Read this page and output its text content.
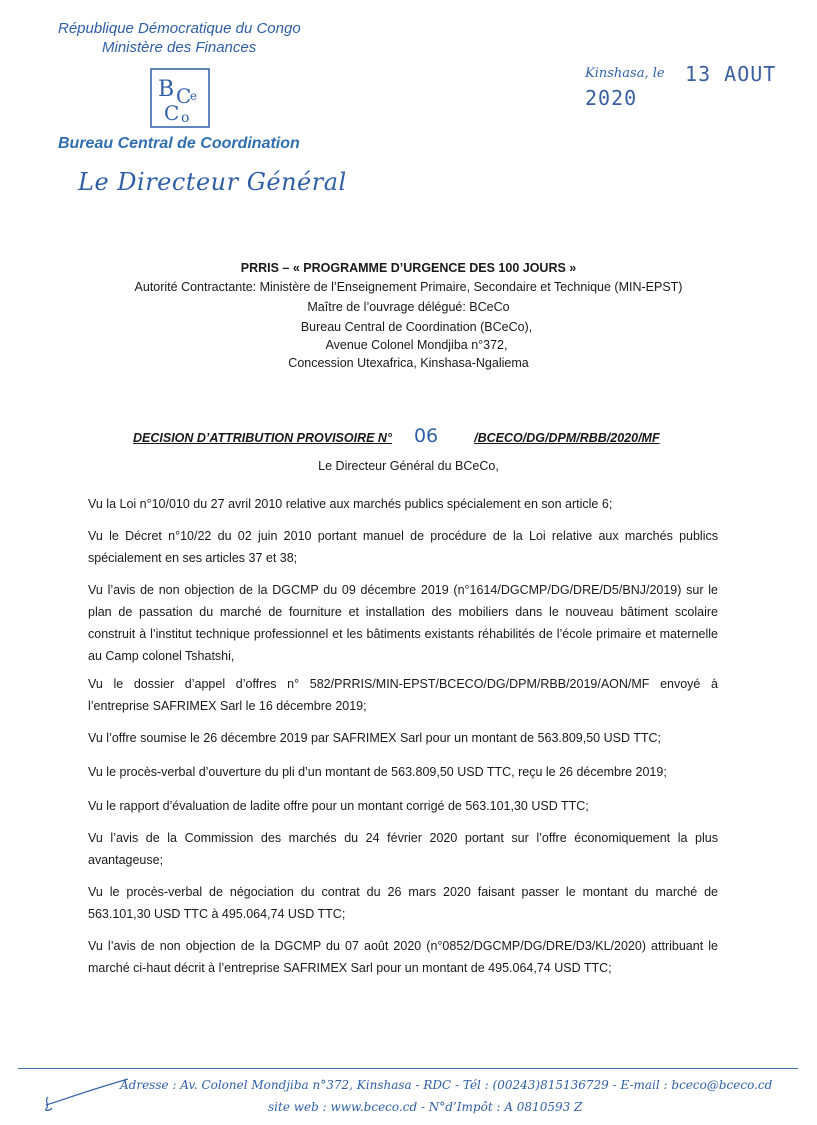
République Démocratique du Congo
Ministère des Finances
B C
e
C o
Bureau Central de Coordination
Le Directeur Général
$^{Kinshasa, le}$ 13 AOUT 2020
PRRIS – « PROGRAMME D’URGENCE DES 100 JOURS »
Autorité Contractante: Ministère de l’Enseignement Primaire, Secondaire et Technique (MIN-EPST)
Maître de l’ouvrage délégué: BCeCo
Bureau Central de Coordination (BCeCo),
Avenue Colonel Mondjiba n°372,
Concession Utexafrica, Kinshasa-Ngaliema
DECISION D’ATTRIBUTION PROVISOIRE N° 06	/BCECO/DG/DPM/RBB/2020/MF
Le Directeur Général du BCeCo,
Vu la Loi n°10/010 du 27 avril 2010 relative aux marchés publics spécialement en son article 6;
Vu le Décret n°10/22 du 02 juin 2010 portant manuel de procédure de la Loi relative aux marchés publics spécialement en ses articles 37 et 38;
Vu l’avis de non objection de la DGCMP du 09 décembre 2019 (n°1614/DGCMP/DG/DRE/D5/BNJ/2019) sur le plan de passation du marché de fourniture et installation des mobiliers dans le nouveau bâtiment scolaire construit à l’institut technique professionnel et les bâtiments existants réhabilités de l’école primaire et maternelle au Camp colonel Tshatshi,
Vu le dossier d’appel d’offres n° 582/PRRIS/MIN-EPST/BCECO/DG/DPM/RBB/2019/AON/MF envoyé à l’entreprise SAFRIMEX Sarl le 16 décembre 2019;
Vu l’offre soumise le 26 décembre 2019 par SAFRIMEX Sarl pour un montant de 563.809,50 USD TTC;
Vu le procès-verbal d’ouverture du pli d’un montant de 563.809,50 USD TTC, reçu le 26 décembre 2019;
Vu le rapport d’évaluation de ladite offre pour un montant corrigé de 563.101,30 USD TTC;
Vu l’avis de la Commission des marchés du 24 février 2020 portant sur l’offre économiquement la plus avantageuse;
Vu le procès-verbal de négociation du contrat du 26 mars 2020 faisant passer le montant du marché de 563.101,30 USD TTC à 495.064,74 USD TTC;
Vu l’avis de non objection de la DGCMP du 07 août 2020 (n°0852/DGCMP/DG/DRE/D3/KL/2020) attribuant le marché ci-haut décrit à l’entreprise SAFRIMEX Sarl pour un montant de 495.064,74 USD TTC;
Adresse : Av. Colonel Mondjiba n°372, Kinshasa - RDC - Tél : (00243)815136729 - E-mail : bceco@bceco.cd
site web : www.bceco.cd - N°d’Impôt : A 0810593 Z
